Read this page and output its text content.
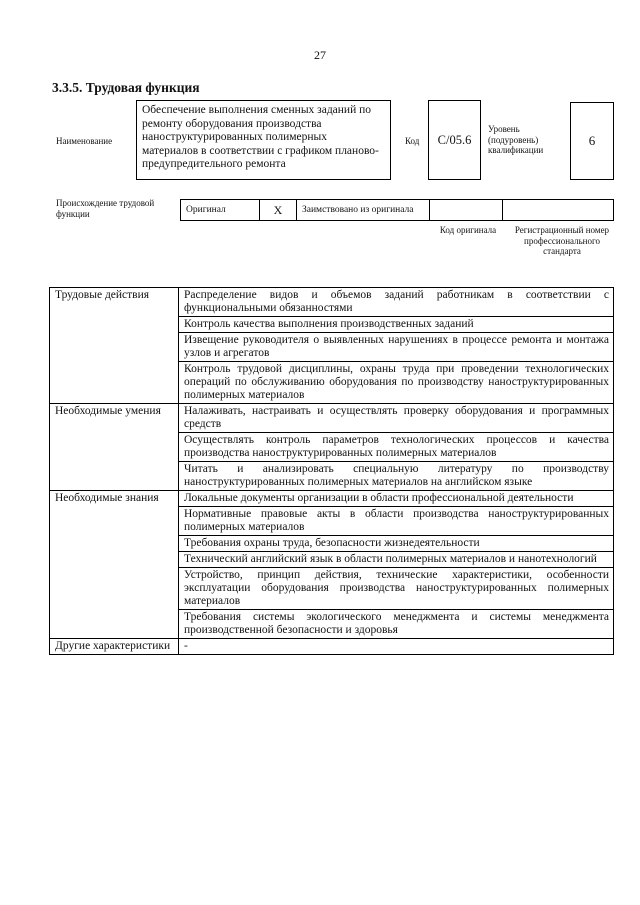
27
3.3.5. Трудовая функция
Наименование
Обеспечение выполнения сменных заданий по ремонту оборудования производства наноструктурированных полимерных материалов в соответствии с графиком планово-предупредительного ремонта
Код	C/05.6
Уровень (подуровень) квалификации
6
Происхождение трудовой функции	Оригинал	X	Заимствовано из оригинала		
Код оригинала	Регистрационный номер профессионального стандарта
Трудовые действия	Распределение видов и объемов заданий работникам в соответствии с функциональными обязанностями
	Контроль качества выполнения производственных заданий
	Извещение руководителя о выявленных нарушениях в процессе ремонта и монтажа узлов и агрегатов
	Контроль трудовой дисциплины, охраны труда при проведении технологических операций по обслуживанию оборудования по производству наноструктурированных полимерных материалов
Необходимые умения	Налаживать, настраивать и осуществлять проверку оборудования и программных средств
	Осуществлять контроль параметров технологических процессов и качества производства наноструктурированных полимерных материалов
	Читать и анализировать специальную литературу по производству наноструктурированных полимерных материалов на английском языке
Необходимые знания	Локальные документы организации в области профессиональной деятельности
	Нормативные правовые акты в области производства наноструктурированных полимерных материалов
	Требования охраны труда, безопасности жизнедеятельности
	Технический английский язык в области полимерных материалов и нанотехнологий
	Устройство, принцип действия, технические характеристики, особенности эксплуатации оборудования производства наноструктурированных полимерных материалов
	Требования системы экологического менеджмента и системы менеджмента производственной безопасности и здоровья
Другие характеристики	-
